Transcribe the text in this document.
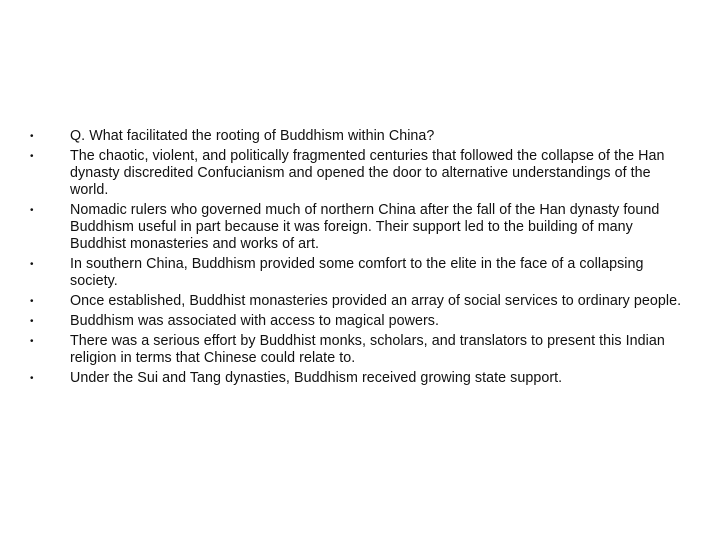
•	Q. What facilitated the rooting of Buddhism within China?
•	The chaotic, violent, and politically fragmented centuries that followed the collapse of the Han dynasty discredited Confucianism and opened the door to alternative understandings of the world.
•	Nomadic rulers who governed much of northern China after the fall of the Han dynasty found Buddhism useful in part because it was foreign. Their support led to the building of many Buddhist monasteries and works of art.
•	In southern China, Buddhism provided some comfort to the elite in the face of a collapsing society.
•	Once established, Buddhist monasteries provided an array of social services to ordinary people.
•	Buddhism was associated with access to magical powers.
•	There was a serious effort by Buddhist monks, scholars, and translators to present this Indian religion in terms that Chinese could relate to.
•	Under the Sui and Tang dynasties, Buddhism received growing state support.
